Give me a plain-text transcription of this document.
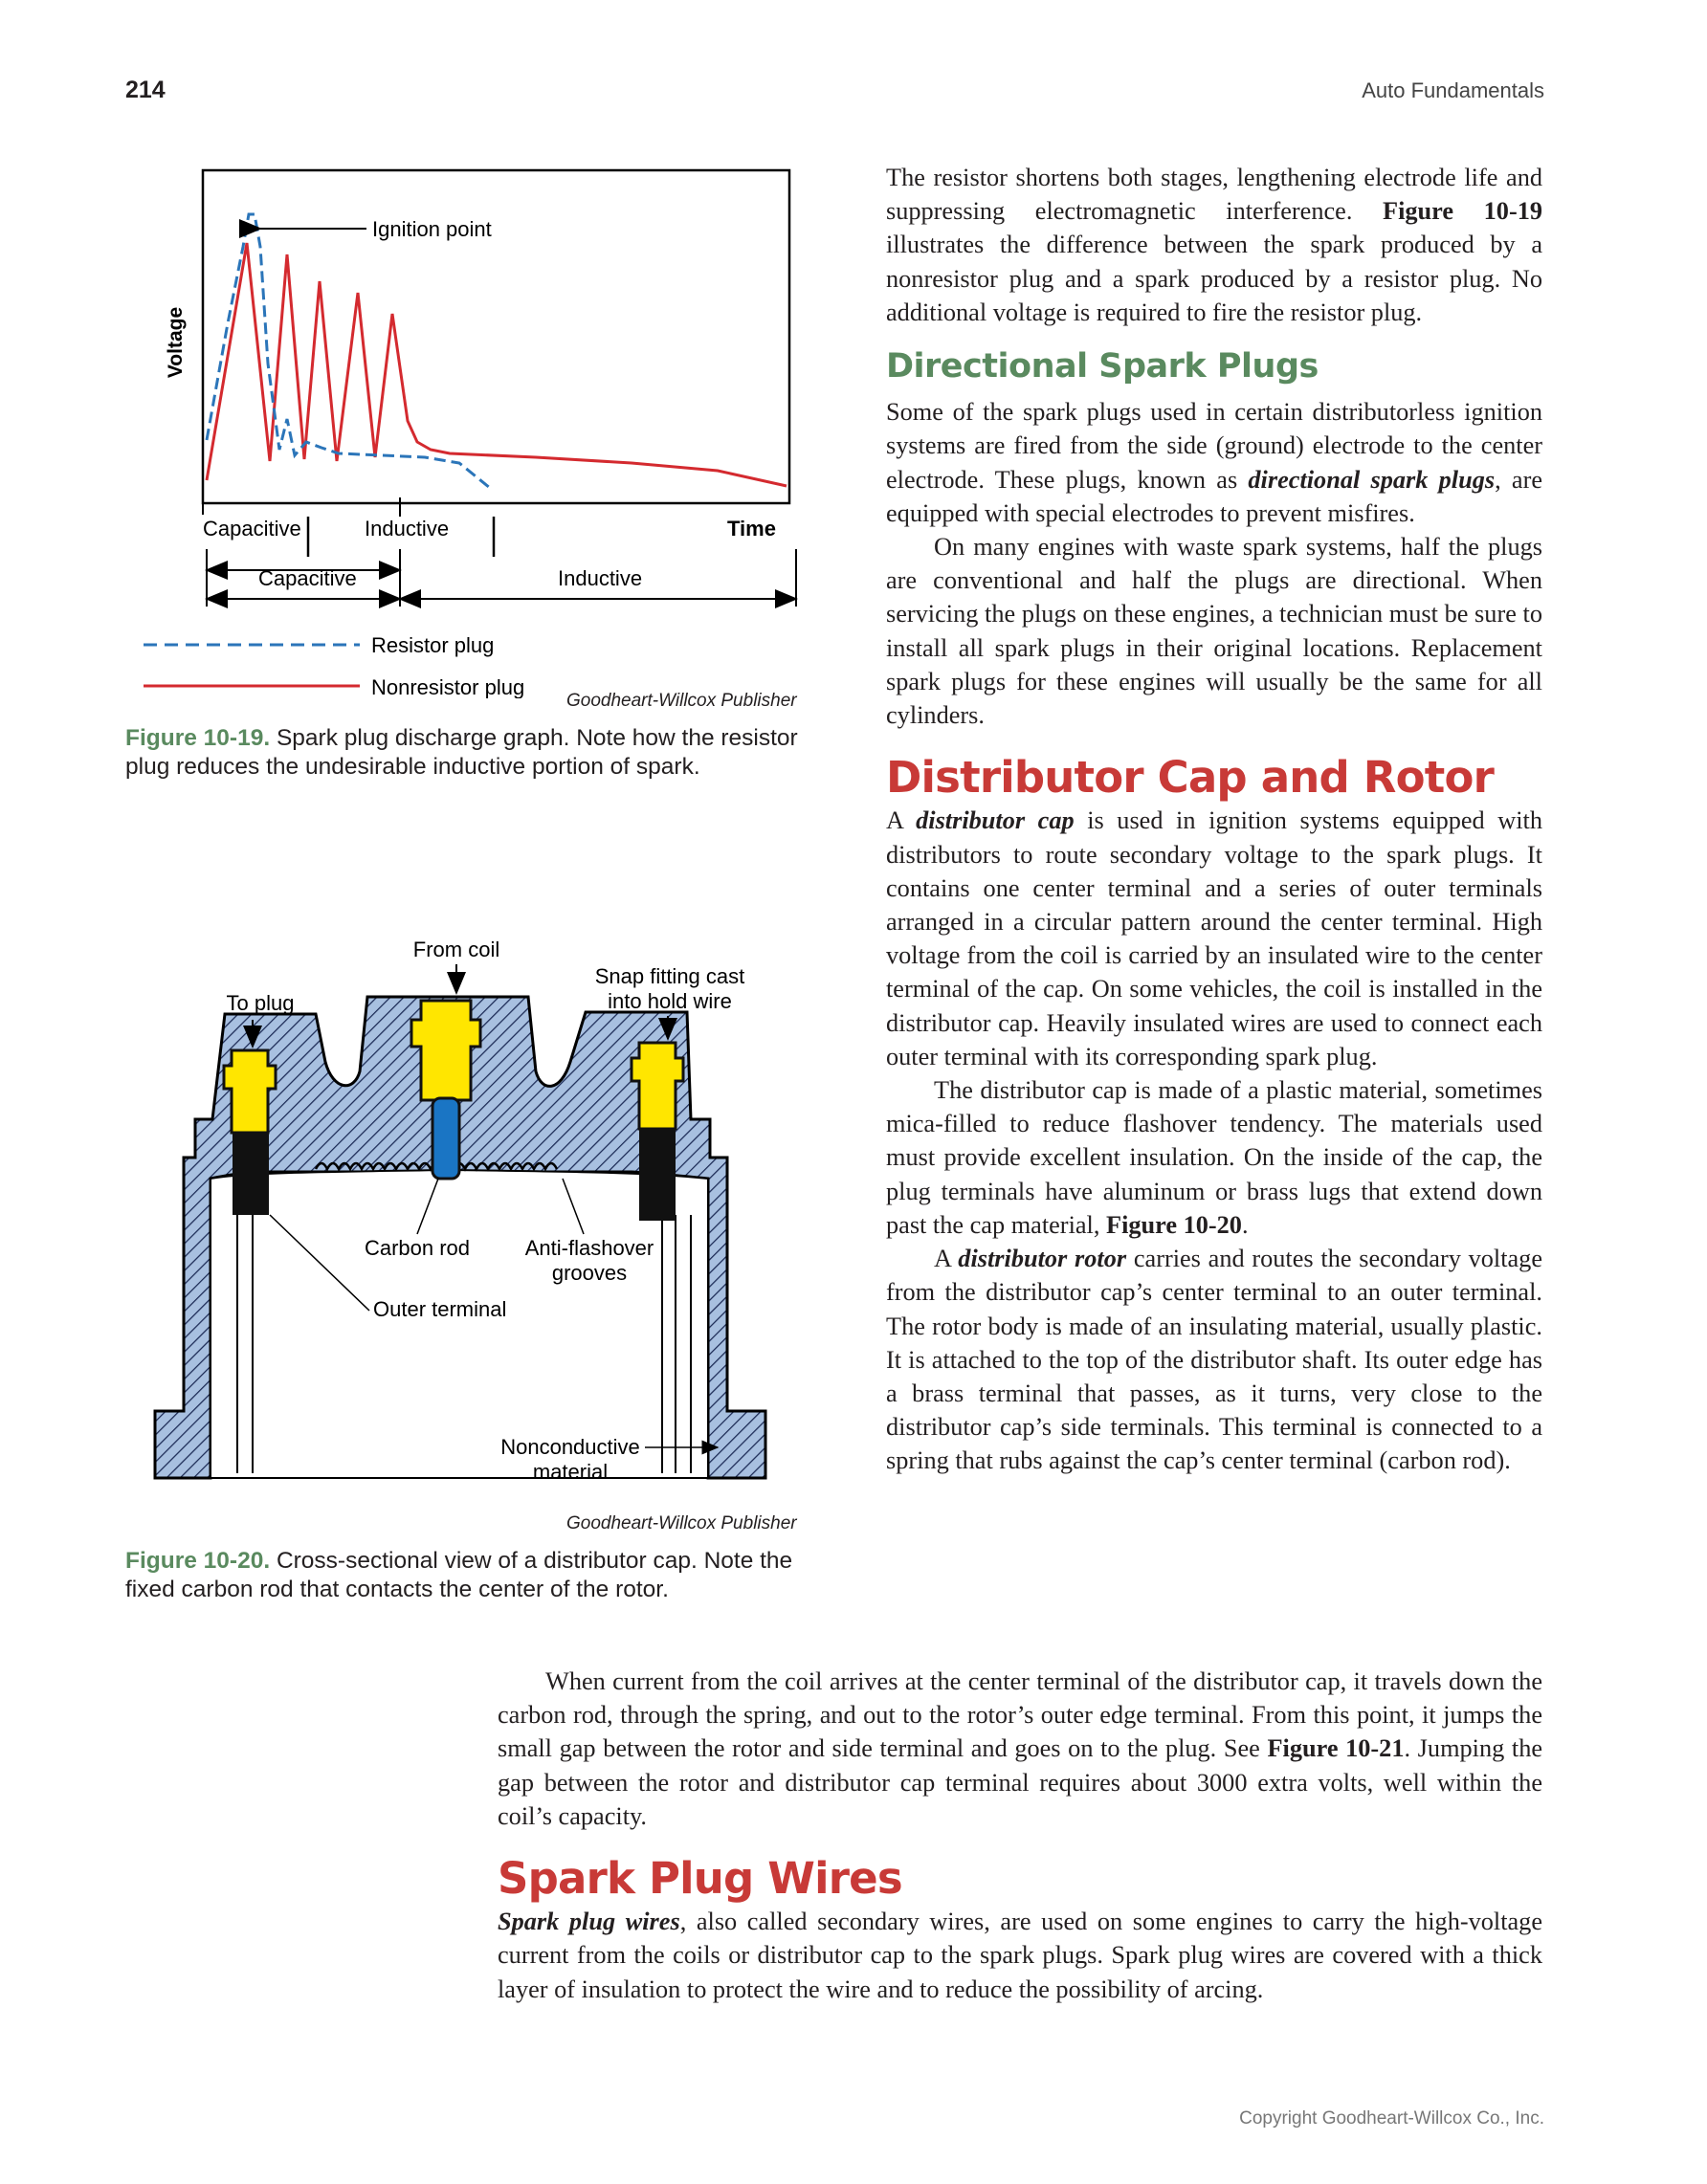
214	Auto Fundamentals
Ignition point
Voltage
Capacitive	Inductive	Time
Capacitive	Inductive
Resistor plug
Nonresistor plug
Goodheart-Willcox Publisher
Figure 10-19. Spark plug discharge graph. Note how the resistor plug reduces the undesirable inductive portion of spark.
From coil
Snap fitting cast
into hold wire
To plug
Carbon rod	Anti-flashover
grooves
Outer terminal
Nonconductive
material
Goodheart-Willcox Publisher
Figure 10-20. Cross-sectional view of a distributor cap. Note the fixed carbon rod that contacts the center of the rotor.

The resistor shortens both stages, lengthening electrode life and suppressing electromagnetic interference. Figure 10-19 illustrates the difference between the spark produced by a nonresistor plug and a spark produced by a resistor plug. No additional voltage is required to fire the resistor plug.

Directional Spark Plugs

Some of the spark plugs used in certain distributorless ignition systems are fired from the side (ground) electrode to the center electrode. These plugs, known as directional spark plugs, are equipped with special electrodes to prevent misfires.

On many engines with waste spark systems, half the plugs are conventional and half the plugs are directional. When servicing the plugs on these engines, a technician must be sure to install all spark plugs in their original locations. Replacement spark plugs for these engines will usually be the same for all cylinders.

Distributor Cap and Rotor

A distributor cap is used in ignition systems equipped with distributors to route secondary voltage to the spark plugs. It contains one center terminal and a series of outer terminals arranged in a circular pattern around the center terminal. High voltage from the coil is carried by an insulated wire to the center terminal of the cap. On some vehicles, the coil is installed in the distributor cap. Heavily insulated wires are used to connect each outer terminal with its corresponding spark plug.

The distributor cap is made of a plastic material, sometimes mica-filled to reduce flashover tendency. The materials used must provide excellent insulation. On the inside of the cap, the plug terminals have aluminum or brass lugs that extend down past the cap material, Figure 10-20.

A distributor rotor carries and routes the secondary voltage from the distributor cap’s center terminal to an outer terminal. The rotor body is made of an insulating material, usually plastic. It is attached to the top of the distributor shaft. Its outer edge has a brass terminal that passes, as it turns, very close to the distributor cap’s side terminals. This terminal is connected to a spring that rubs against the cap’s center terminal (carbon rod).

When current from the coil arrives at the center terminal of the distributor cap, it travels down the carbon rod, through the spring, and out to the rotor’s outer edge terminal. From this point, it jumps the small gap between the rotor and side terminal and goes on to the plug. See Figure 10-21. Jumping the gap between the rotor and distributor cap terminal requires about 3000 extra volts, well within the coil’s capacity.

Spark Plug Wires

Spark plug wires, also called secondary wires, are used on some engines to carry the high-voltage current from the coils or distributor cap to the spark plugs. Spark plug wires are covered with a thick layer of insulation to protect the wire and to reduce the possibility of arcing.

Copyright Goodheart-Willcox Co., Inc.
